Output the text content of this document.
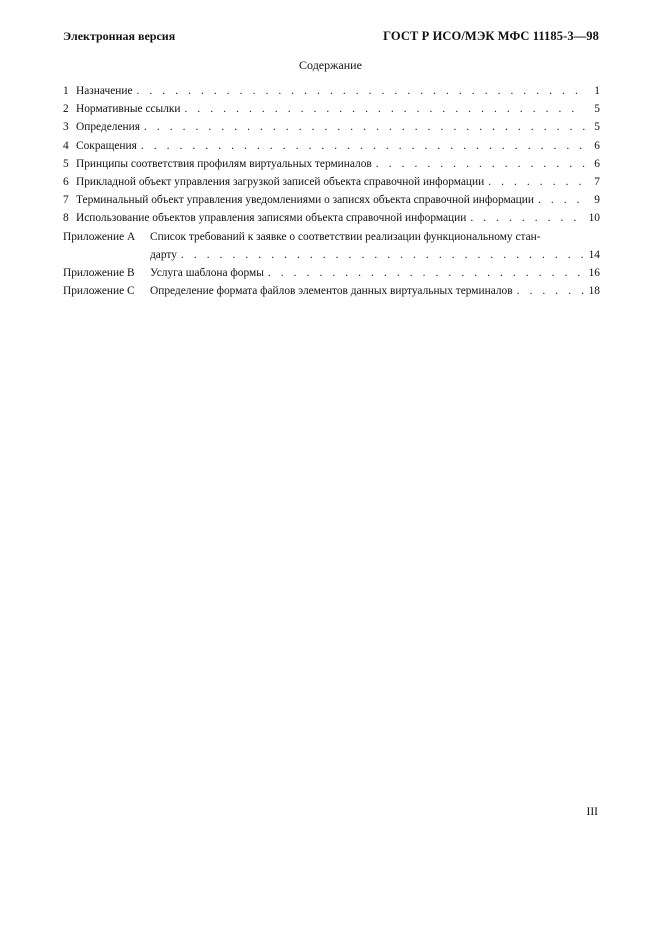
Электронная версия	ГОСТ Р ИСО/МЭК МФС 11185-3—98
Содержание
1 Назначение . . .	1
2 Нормативные ссылки . . .	5
3 Определения . . .	5
4 Сокращения . . .	6
5 Принципы соответствия профилям виртуальных терминалов . . .	6
6 Прикладной объект управления загрузкой записей объекта справочной информации . . .	7
7 Терминальный объект управления уведомлениями о записях объекта справочной информации . . .	9
8 Использование объектов управления записями объекта справочной информации . . .	10
Приложение А	Список требований к заявке о соответствии реализации функциональному стан-
дарту . . .	14
Приложение В	Услуга шаблона формы . . .	16
Приложение С	Определение формата файлов элементов данных виртуальных терминалов . . .	18
III
